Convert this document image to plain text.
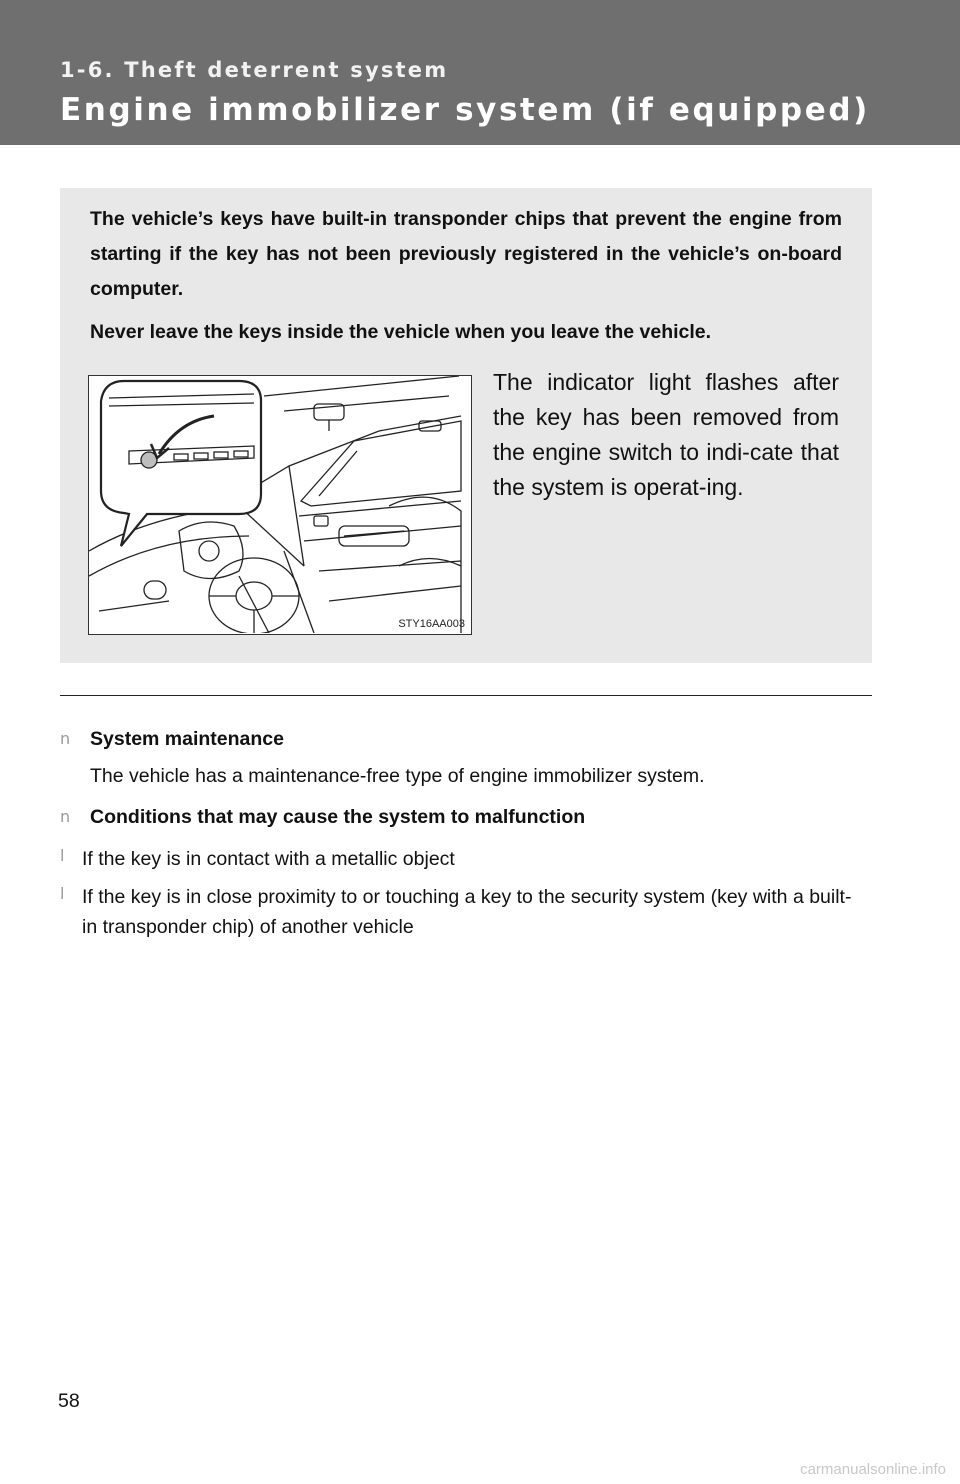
1-6. Theft deterrent system
Engine immobilizer system (if equipped)

The vehicle’s keys have built-in transponder chips that prevent the engine from starting if the key has not been previously registered in the vehicle’s on-board computer.

Never leave the keys inside the vehicle when you leave the vehicle.

STY16AA003

The indicator light flashes after the key has been removed from the engine switch to indi-cate that the system is operat-ing.

n System maintenance
The vehicle has a maintenance-free type of engine immobilizer system.
n Conditions that may cause the system to malfunction
l If the key is in contact with a metallic object

l If the key is in close proximity to or touching a key to the security system (key with a built-in transponder chip) of another vehicle

58
carmanualsonline.info
